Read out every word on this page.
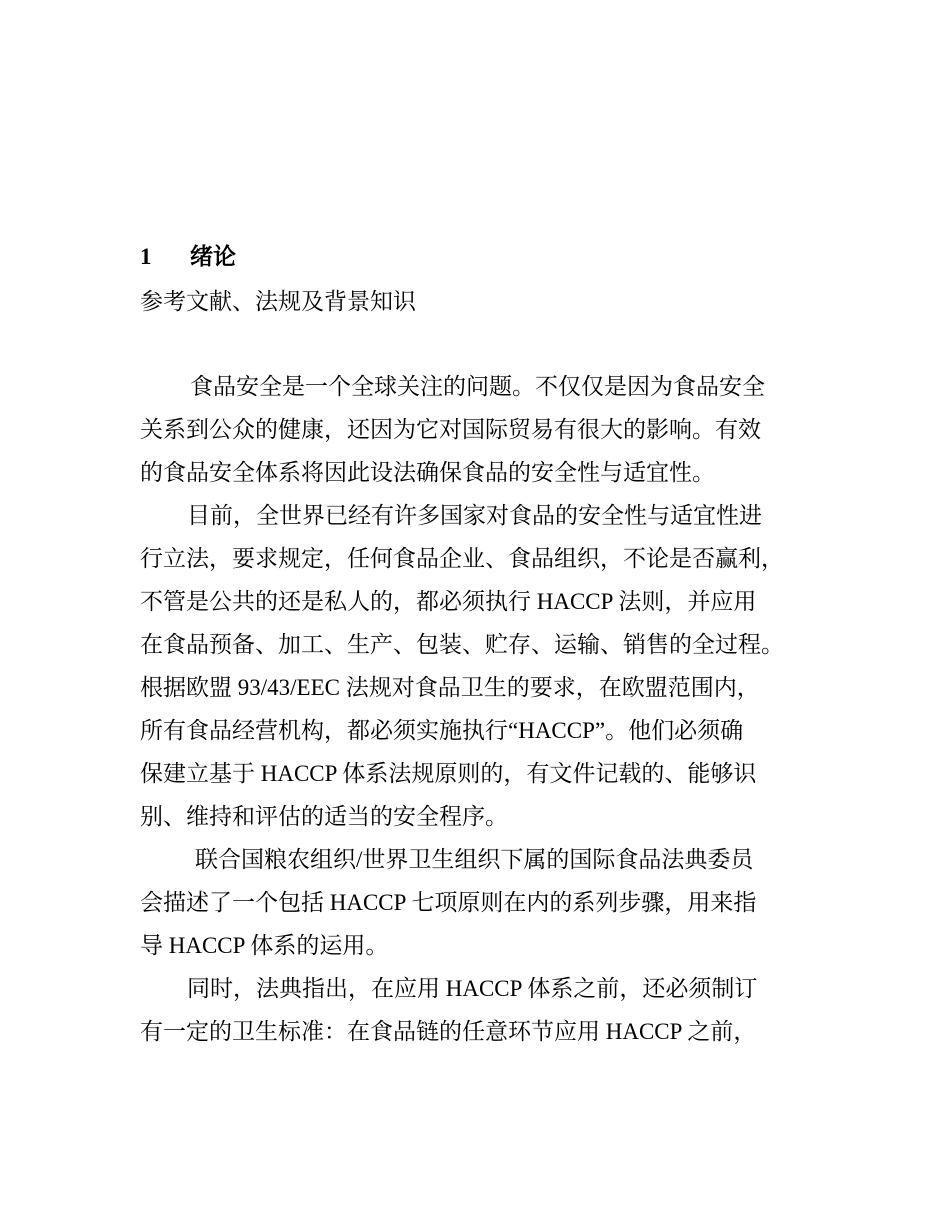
1 绪论
参考文献、法规及背景知识
食品安全是一个全球关注的问题。不仅仅是因为食品安全
关系到公众的健康，还因为它对国际贸易有很大的影响。有效
的食品安全体系将因此设法确保食品的安全性与适宜性。
目前，全世界已经有许多国家对食品的安全性与适宜性进
行立法，要求规定，任何食品企业、食品组织，不论是否赢利，
不管是公共的还是私人的，都必须执行 HACCP 法则，并应用
在食品预备、加工、生产、包装、贮存、运输、销售的全过程。
根据欧盟 93/43/EEC 法规对食品卫生的要求，在欧盟范围内，
所有食品经营机构，都必须实施执行“HACCP”。他们必须确
保建立基于 HACCP 体系法规原则的，有文件记载的、能够识
别、维持和评估的适当的安全程序。
联合国粮农组织/世界卫生组织下属的国际食品法典委员
会描述了一个包括 HACCP 七项原则在内的系列步骤，用来指
导 HACCP 体系的运用。
同时，法典指出，在应用 HACCP 体系之前，还必须制订
有一定的卫生标准：在食品链的任意环节应用 HACCP 之前，
